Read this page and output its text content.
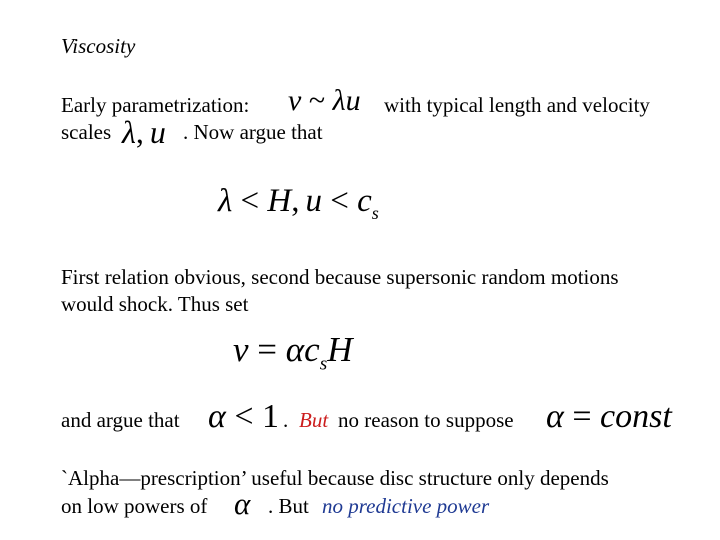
Viscosity
Early parametrization: ν ~ λu with typical length and velocity
scales λ, u . Now argue that
λ < H, $u < c_s$
First relation obvious, second because supersonic random motions
would shock. Thus set
$\nu = \alpha c_sH$
and argue that α < 1 . But no reason to suppose α = const
`Alpha—prescription’ useful because disc structure only depends
on low powers of α . But no predictive power
